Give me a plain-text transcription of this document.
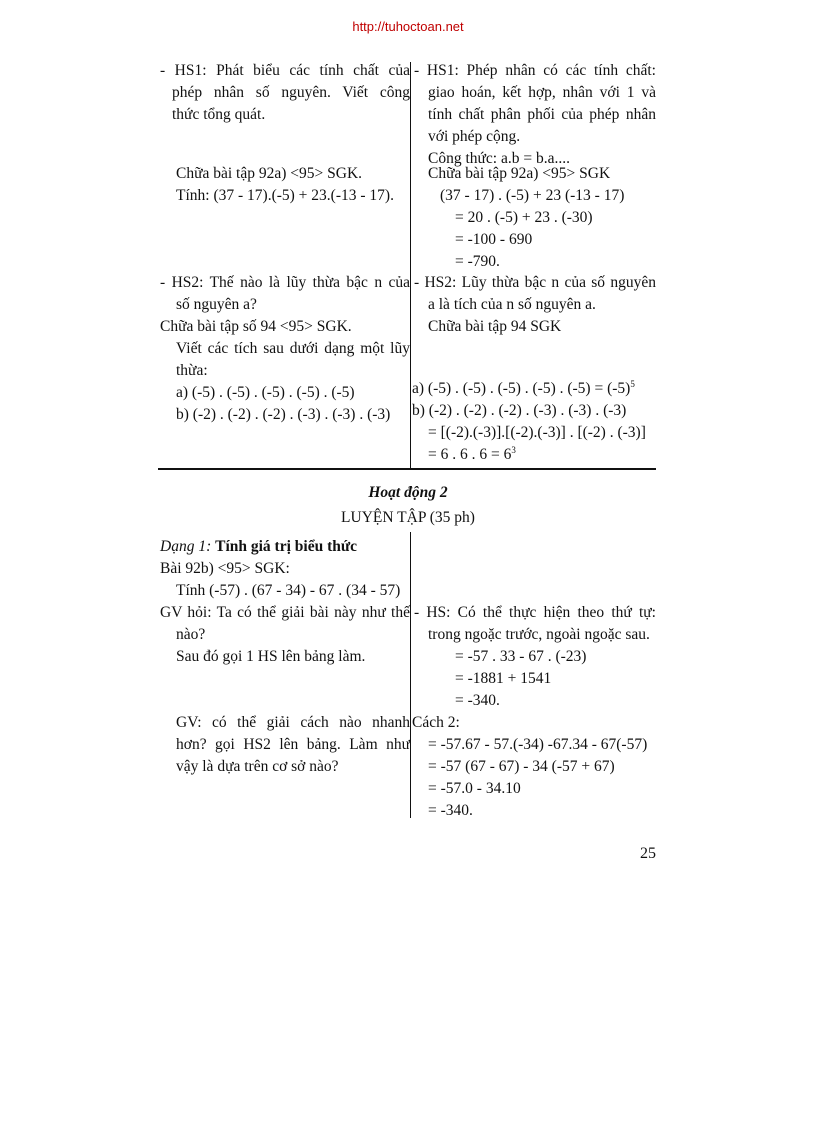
http://tuhoctoan.net
- HS1: Phát biểu các tính chất của
phép nhân số nguyên. Viết công
thức tổng quát.
Chữa bài tập 92a) <95> SGK.
Tính: (37 - 17).(-5) + 23.(-13 - 17).
- HS2: Thế nào là lũy thừa bậc n của
số nguyên a?
Chữa bài tập số 94 <95> SGK.
Viết các tích sau dưới dạng một lũy
thừa:
a) (-5) . (-5) . (-5) . (-5) . (-5)
b) (-2) . (-2) . (-2) . (-3) . (-3) . (-3)
- HS1: Phép nhân có các tính chất:
giao hoán, kết hợp, nhân với 1 và
tính chất phân phối của phép nhân
với phép cộng.
Công thức: a.b = b.a....
Chữa bài tập 92a) <95> SGK
(37 - 17) . (-5) + 23 (-13 - 17)
= 20 . (-5) + 23 . (-30)
= -100 - 690
= -790.
- HS2: Lũy thừa bậc n của số nguyên
a là tích của n số nguyên a.
Chữa bài tập 94 SGK
a) (-5) . (-5) . (-5) . (-5) . $(-5) = (-5)^5$
b) (-2) . (-2) . (-2) . (-3) . (-3) . (-3)
= [(-2).(-3)].[(-2).(-3)] . [(-2) . (-3)]
= 6 . 6 . $6 = 6^3$
Hoạt động 2
LUYỆN TẬP (35 ph)
Dạng 1: Tính giá trị biểu thức
Bài 92b) <95> SGK:
Tính (-57) . (67 - 34) - 67 . (34 - 57)
GV hỏi: Ta có thể giải bài này như thế
nào?
Sau đó gọi 1 HS lên bảng làm.
GV: có thể giải cách nào nhanh
hơn? gọi HS2 lên bảng. Làm như
vậy là dựa trên cơ sở nào?
- HS: Có thể thực hiện theo thứ tự:
trong ngoặc trước, ngoài ngoặc sau.
= -57 . 33 - 67 . (-23)
= -1881 + 1541
= -340.
Cách 2:
= -57.67 - 57.(-34) -67.34 - 67(-57)
= -57 (67 - 67) - 34 (-57 + 67)
= -57.0 - 34.10
= -340.
25
